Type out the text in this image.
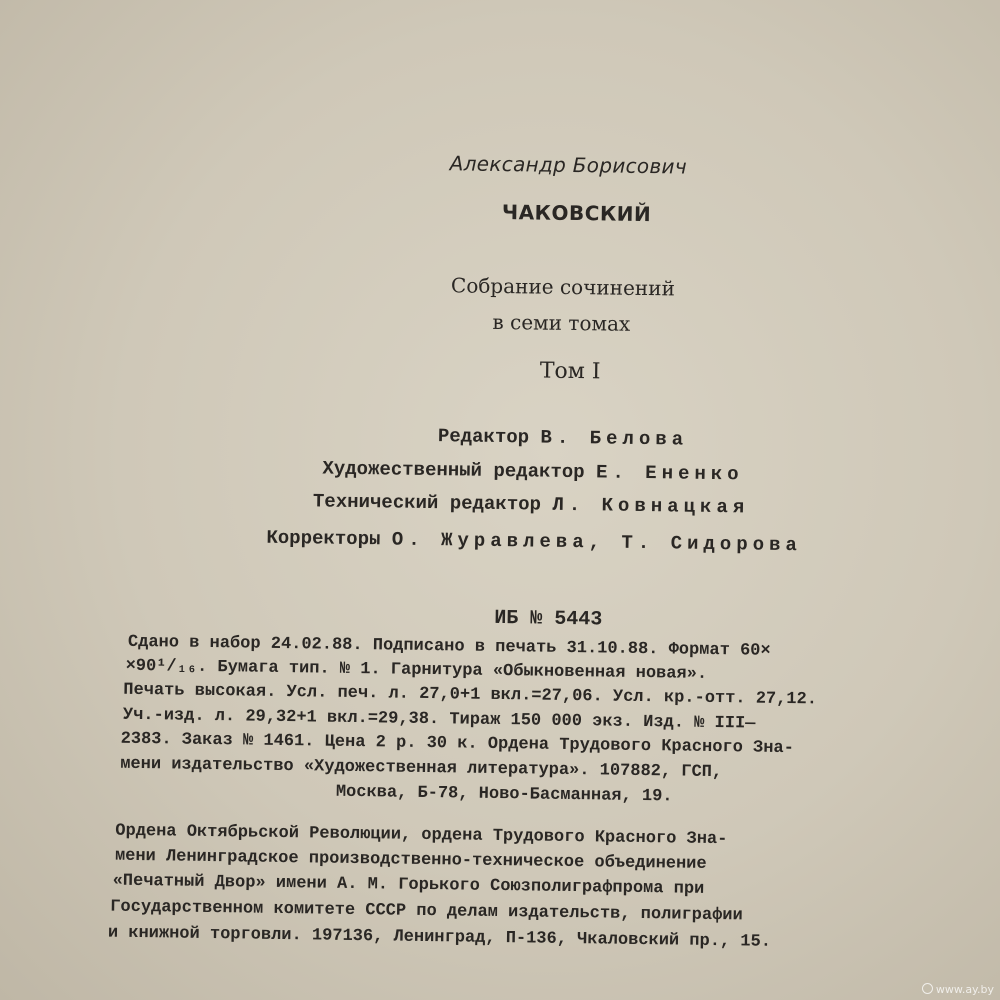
Александр Борисович
ЧАКОВСКИЙ
Собрание сочинений
в семи томах
Том I
Редактор В. Белова
Художественный редактор Е. Ененко
Технический редактор Л. Ковнацкая
Корректоры О. Журавлева, Т. Сидорова
ИБ № 5443
Сдано в набор 24.02.88. Подписано в печать 31.10.88. Формат 60×
×90¹/₁₆. Бумага тип. № 1. Гарнитура «Обыкновенная новая».
Печать высокая. Усл. печ. л. 27,0+1 вкл.=27,06. Усл. кр.-отт. 27,12.
Уч.-изд. л. 29,32+1 вкл.=29,38. Тираж 150 000 экз. Изд. № III—
2383. Заказ № 1461. Цена 2 р. 30 к. Ордена Трудового Красного Зна-
мени издательство «Художественная литература». 107882, ГСП,
Москва, Б-78, Ново-Басманная, 19.
Ордена Октябрьской Революции, ордена Трудового Красного Зна-
мени Ленинградское производственно-техническое объединение
«Печатный Двор» имени А. М. Горького Союзполиграфпрома при
Государственном комитете СССР по делам издательств, полиграфии
и книжной торговли. 197136, Ленинград, П-136, Чкаловский пр., 15.
www.ay.by
